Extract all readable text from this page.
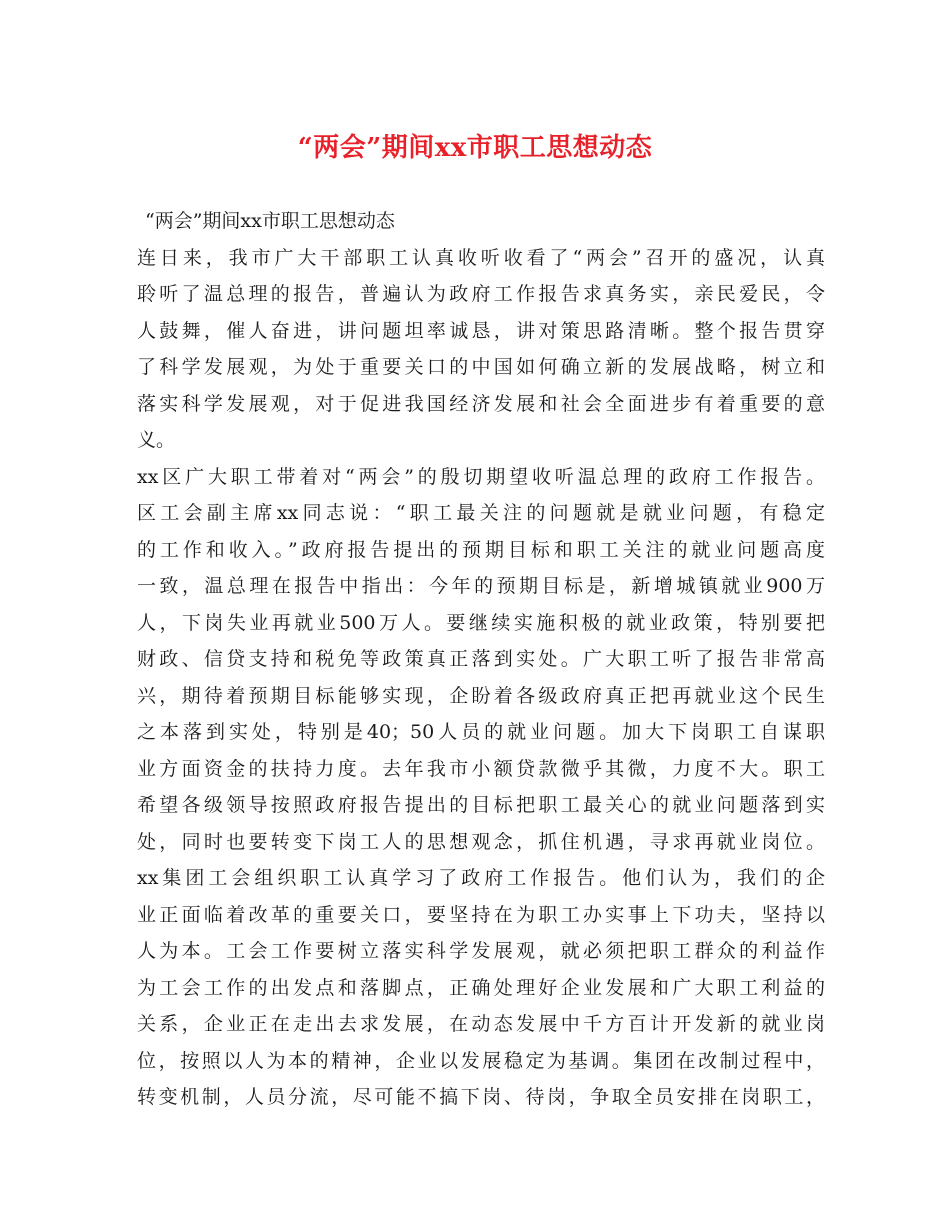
“两会”期间xx市职工思想动态
“两会”期间xx市职工思想动态
连日来，我市广大干部职工认真收听收看了“两会”召开的盛况，认真
聆听了温总理的报告，普遍认为政府工作报告求真务实，亲民爱民，令
人鼓舞，催人奋进，讲问题坦率诚恳，讲对策思路清晰。整个报告贯穿
了科学发展观，为处于重要关口的中国如何确立新的发展战略，树立和
落实科学发展观，对于促进我国经济发展和社会全面进步有着重要的意
义。
xx区广大职工带着对“两会”的殷切期望收听温总理的政府工作报告。
区工会副主席xx同志说：“职工最关注的问题就是就业问题，有稳定
的工作和收入。”政府报告提出的预期目标和职工关注的就业问题高度
一致，温总理在报告中指出：今年的预期目标是，新增城镇就业900万
人，下岗失业再就业500万人。要继续实施积极的就业政策，特别要把
财政、信贷支持和税免等政策真正落到实处。广大职工听了报告非常高
兴，期待着预期目标能够实现，企盼着各级政府真正把再就业这个民生
之本落到实处，特别是40；50人员的就业问题。加大下岗职工自谋职
业方面资金的扶持力度。去年我市小额贷款微乎其微，力度不大。职工
希望各级领导按照政府报告提出的目标把职工最关心的就业问题落到实
处，同时也要转变下岗工人的思想观念，抓住机遇，寻求再就业岗位。
xx集团工会组织职工认真学习了政府工作报告。他们认为，我们的企
业正面临着改革的重要关口，要坚持在为职工办实事上下功夫，坚持以
人为本。工会工作要树立落实科学发展观，就必须把职工群众的利益作
为工会工作的出发点和落脚点，正确处理好企业发展和广大职工利益的
关系，企业正在走出去求发展，在动态发展中千方百计开发新的就业岗
位，按照以人为本的精神，企业以发展稳定为基调。集团在改制过程中，
转变机制，人员分流，尽可能不搞下岗、待岗，争取全员安排在岗职工，
